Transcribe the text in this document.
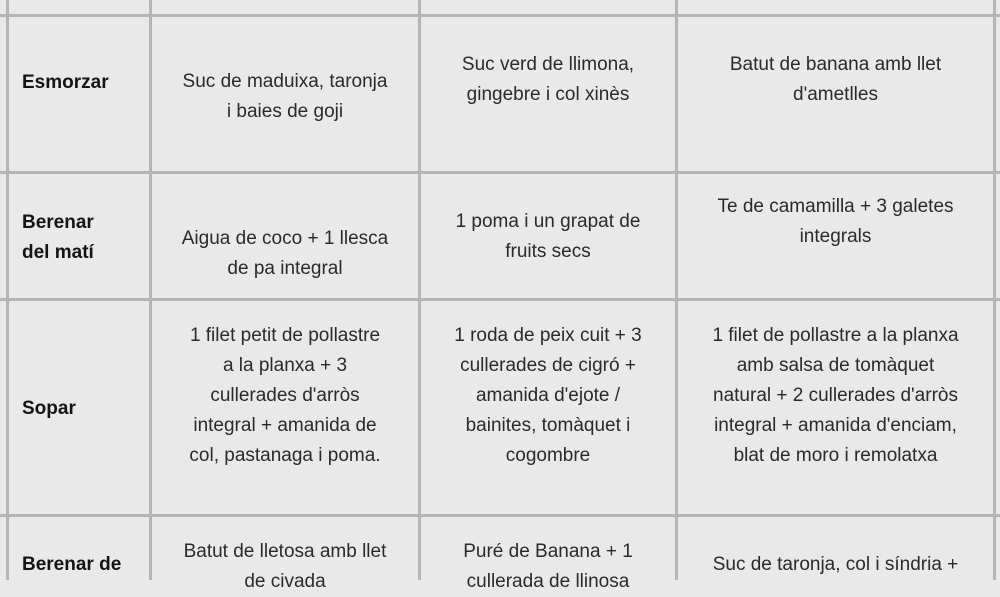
Esmorzar	Suc de maduixa, taronja
i baies de goji
Suc verd de llimona,
gingebre i col xinès
Batut de banana amb llet
d'ametlles
Berenar
del matí
Aigua de coco + 1 llesca
de pa integral
1 poma i un grapat de
fruits secs
Te de camamilla + 3 galetes
integrals
Sopar
1 filet petit de pollastre
a la planxa + 3
cullerades d'arròs
integral + amanida de
col, pastanaga i poma.
1 roda de peix cuit + 3
cullerades de cigró +
amanida d'ejote /
bainites, tomàquet i
cogombre
1 filet de pollastre a la planxa
amb salsa de tomàquet
natural + 2 cullerades d'arròs
integral + amanida d'enciam,
blat de moro i remolatxa
Berenar de
Batut de lletosa amb llet
de civada
Puré de Banana + 1
cullerada de llinosa
Suc de taronja, col i síndria +
